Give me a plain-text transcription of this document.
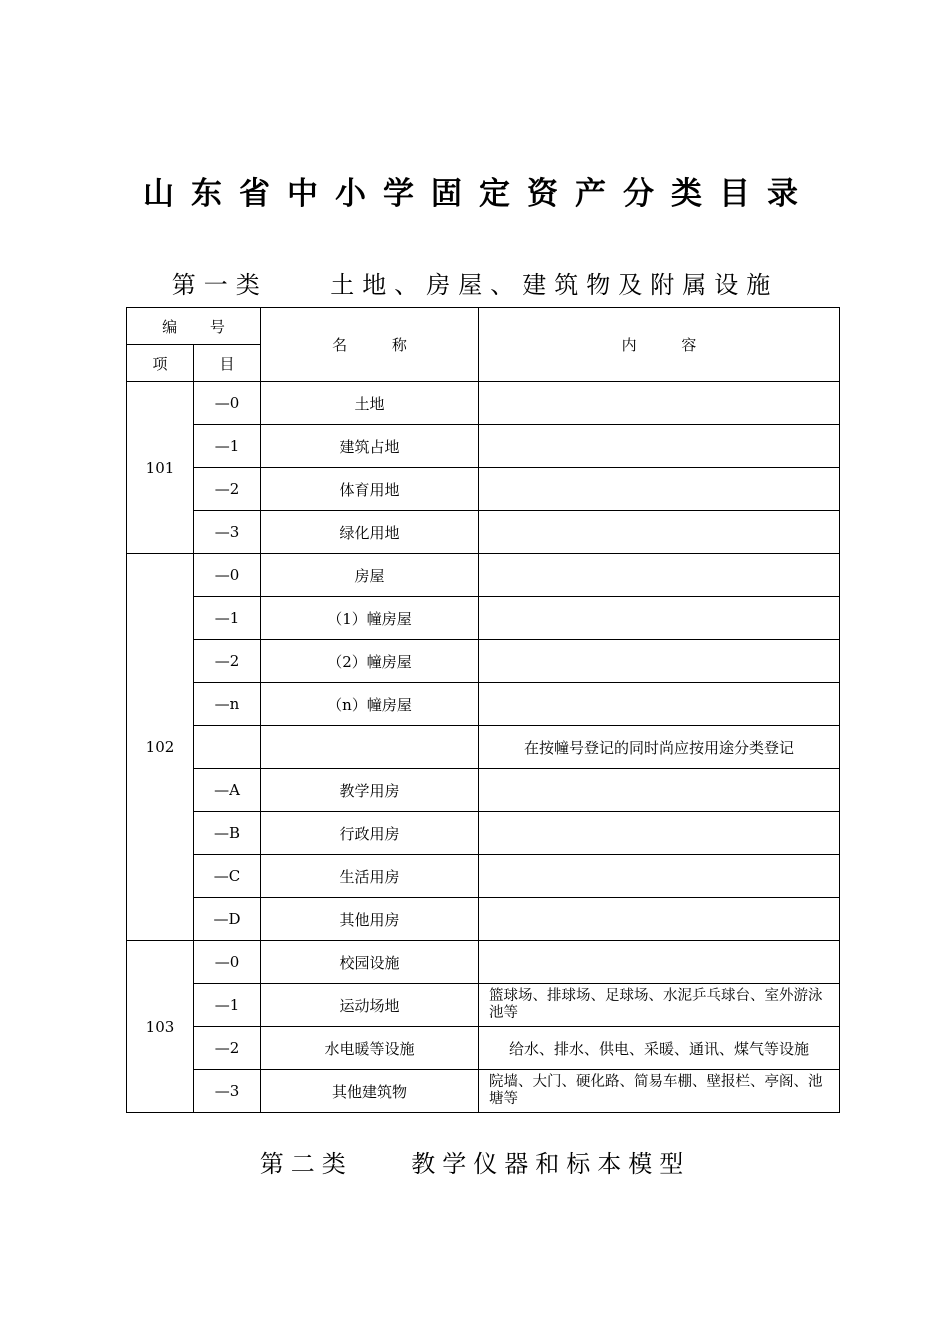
山东省中小学固定资产分类目录
第一类    土地、房屋、建筑物及附属设施
编 号		名 称	内 容
项	目		
101	—0	土地	
	—1	建筑占地	
	—2	体育用地	
	—3	绿化用地	
102	—0	房屋	
	—1	（1）幢房屋	
	—2	（2）幢房屋	
	—n	（n）幢房屋	
			在按幢号登记的同时尚应按用途分类登记
	—A	教学用房	
	—B	行政用房	
	—C	生活用房	
	—D	其他用房	
103	—0	校园设施	
	—1	运动场地	篮球场、排球场、足球场、水泥乒乓球台、室外游泳池等
	—2	水电暖等设施	给水、排水、供电、采暖、通讯、煤气等设施
	—3	其他建筑物	院墙、大门、硬化路、简易车棚、壁报栏、亭阁、池塘等
第二类    教学仪器和标本模型
